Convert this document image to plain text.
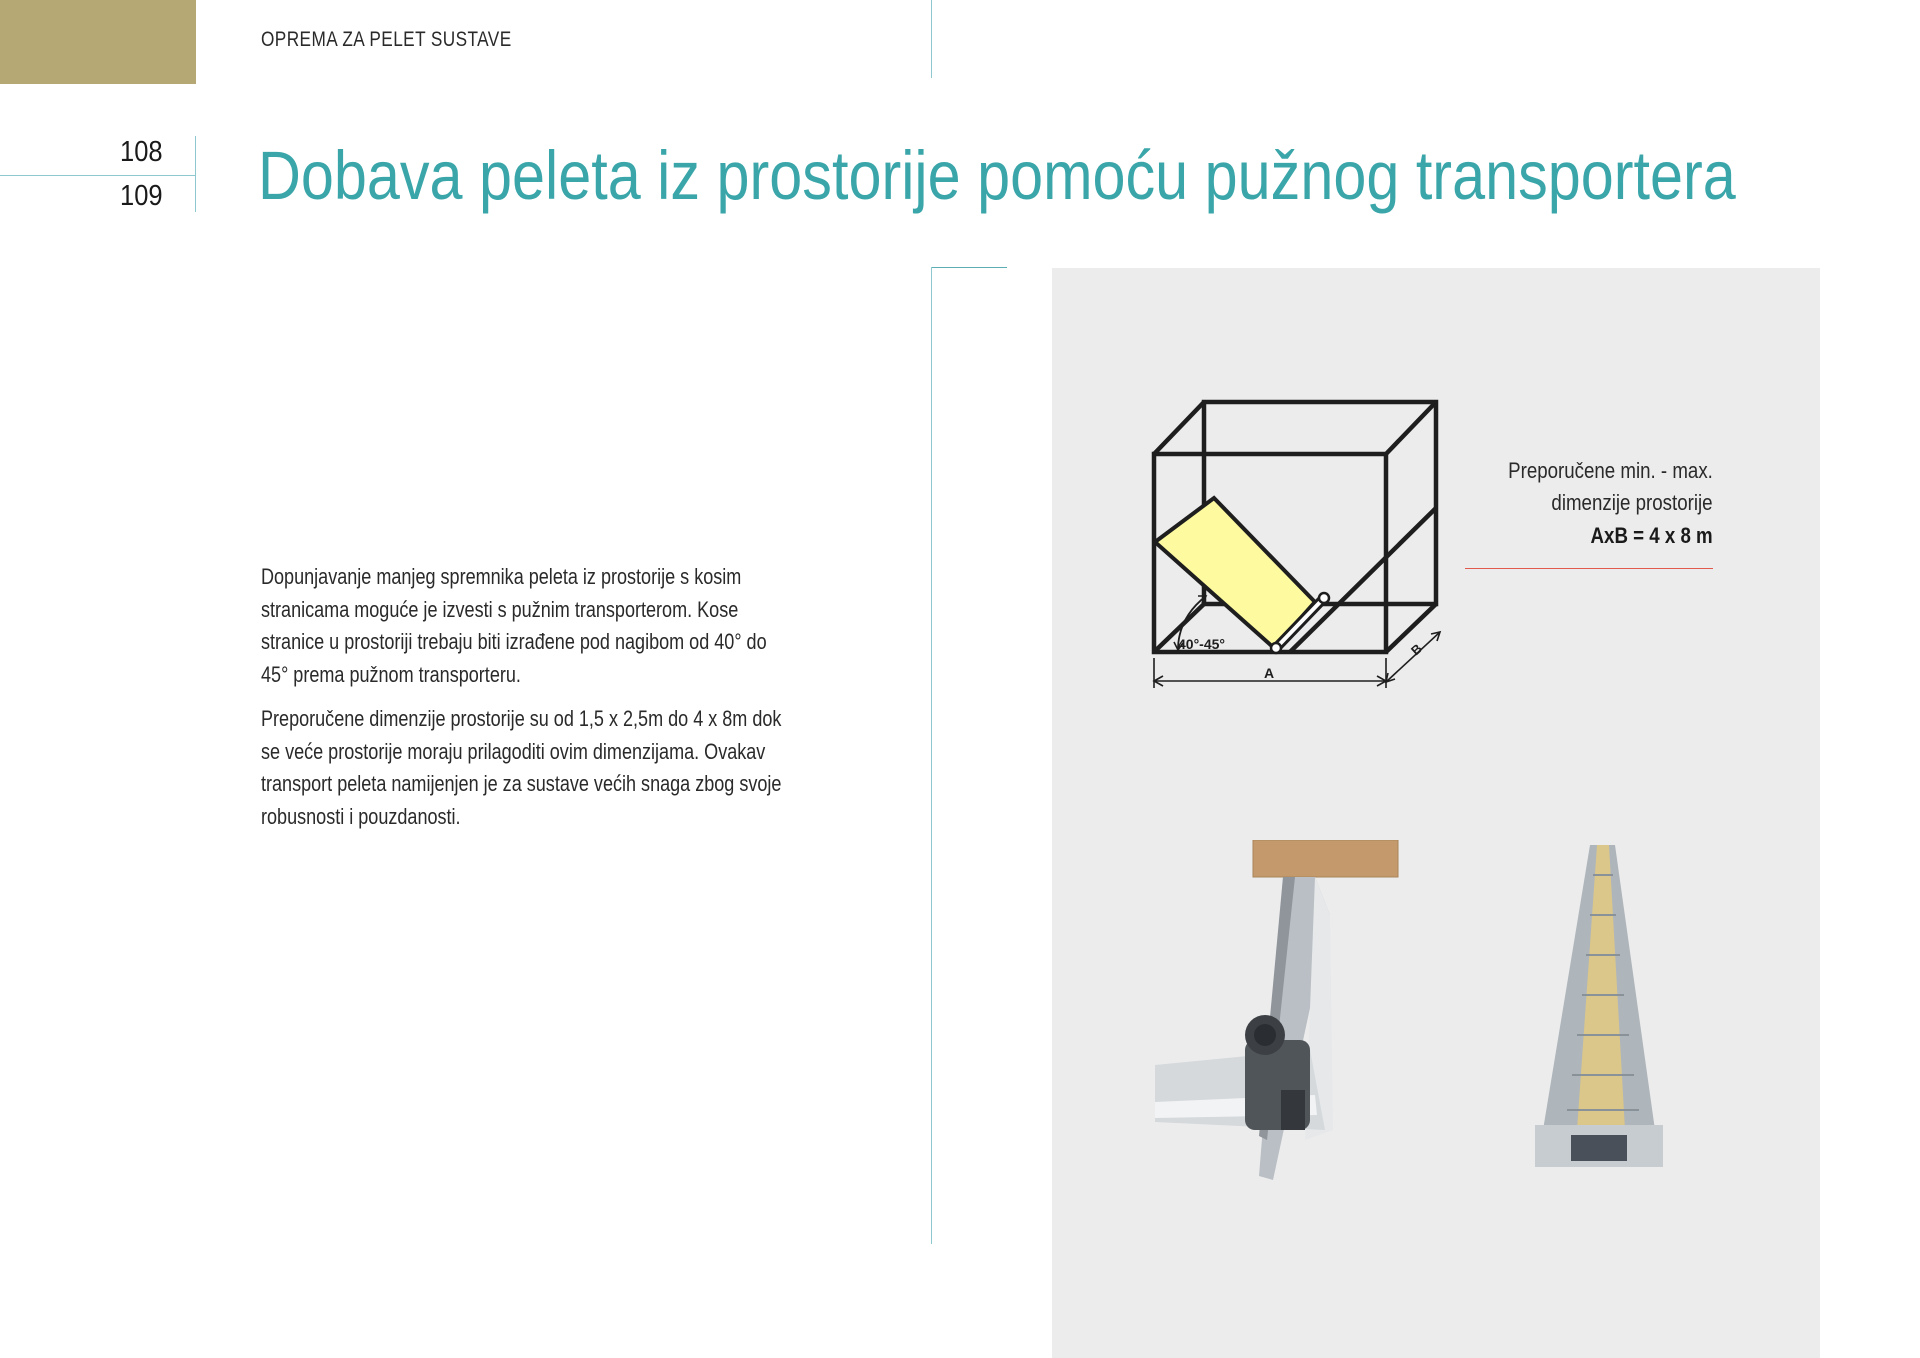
OPREMA ZA PELET SUSTAVE
108
109 Dobava peleta iz prostorije pomoću pužnog transportera

Dopunjavanje manjeg spremnika peleta iz prostorije s kosim stranicama moguće je izvesti s pužnim transporterom. Kose stranice u prostoriji trebaju biti izrađene pod nagibom od 40° do 45° prema pužnom transporteru.

Preporučene dimenzije prostorije su od 1,5 x 2,5m do 4 x 8m dok se veće prostorije moraju prilagoditi ovim dimenzijama. Ovakav transport peleta namijenjen je za sustave većih snaga zbog svoje robusnosti i pouzdanosti.

40°-45°
A
B
Preporučene min. - max.
dimenzije prostorije
AxB = 4 x 8 m
